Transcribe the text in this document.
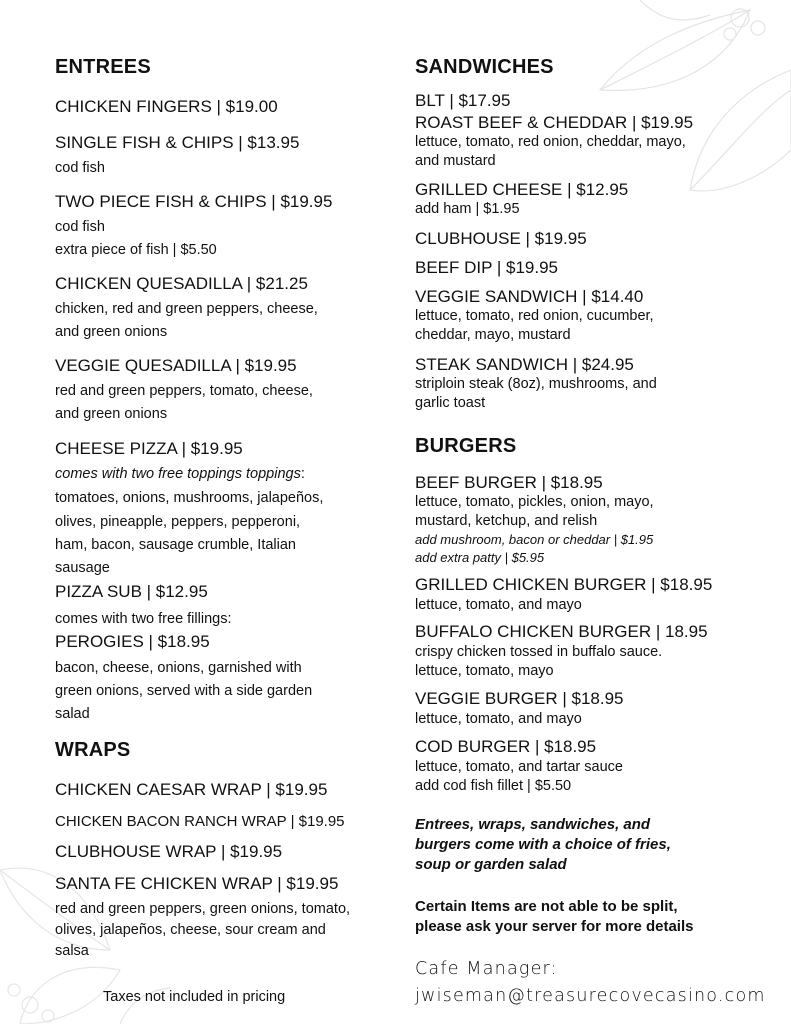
ENTREES
CHICKEN FINGERS | $19.00
SINGLE FISH & CHIPS | $13.95
cod fish
TWO PIECE FISH & CHIPS | $19.95
cod fish
extra piece of fish | $5.50
CHICKEN QUESADILLA | $21.25
chicken, red and green peppers, cheese,
and green onions
VEGGIE QUESADILLA | $19.95
red and green peppers, tomato, cheese,
and green onions
CHEESE PIZZA | $19.95
comes with two free toppings toppings:
tomatoes, onions, mushrooms, jalapeños,
olives, pineapple, peppers, pepperoni,
ham, bacon, sausage crumble, Italian
sausage
PIZZA SUB | $12.95
comes with two free fillings:
PEROGIES | $18.95
bacon, cheese, onions, garnished with
green onions, served with a side garden
salad
WRAPS
CHICKEN CAESAR WRAP | $19.95
CHICKEN BACON RANCH WRAP | $19.95
CLUBHOUSE WRAP | $19.95
SANTA FE CHICKEN WRAP | $19.95
red and green peppers, green onions, tomato,
olives, jalapeños, cheese, sour cream and
salsa
Taxes not included in pricing
SANDWICHES
BLT | $17.95
ROAST BEEF & CHEDDAR | $19.95
lettuce, tomato, red onion, cheddar, mayo,
and mustard
GRILLED CHEESE | $12.95
add ham | $1.95
CLUBHOUSE | $19.95
BEEF DIP | $19.95
VEGGIE SANDWICH | $14.40
lettuce, tomato, red onion, cucumber,
cheddar, mayo, mustard
STEAK SANDWICH | $24.95
striploin steak (8oz), mushrooms, and
garlic toast
BURGERS
BEEF BURGER | $18.95
lettuce, tomato, pickles, onion, mayo,
mustard, ketchup, and relish
add mushroom, bacon or cheddar | $1.95
add extra patty | $5.95
GRILLED CHICKEN BURGER | $18.95
lettuce, tomato, and mayo
BUFFALO CHICKEN BURGER | 18.95
crispy chicken tossed in buffalo sauce.
lettuce, tomato, mayo
VEGGIE BURGER | $18.95
lettuce, tomato, and mayo
COD BURGER | $18.95
lettuce, tomato, and tartar sauce
add cod fish fillet | $5.50
Entrees, wraps, sandwiches, and
burgers come with a choice of fries,
soup or garden salad
Certain Items are not able to be split,
please ask your server for more details
Cafe Manager:
jwiseman@treasurecovecasino.com
